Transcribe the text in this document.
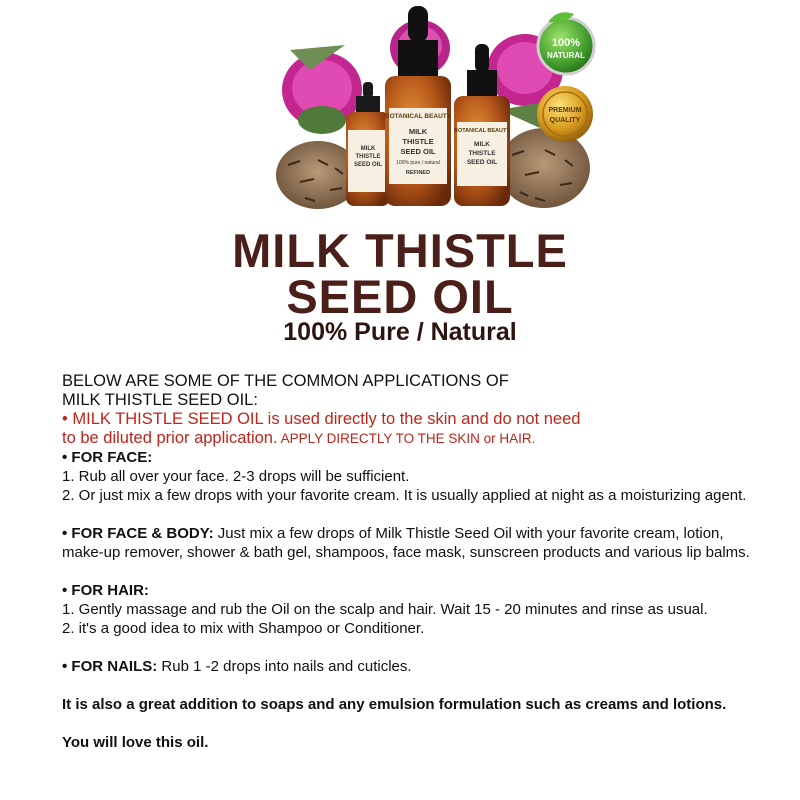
MILK
THISTLE
SEED OIL
BOTANICAL BEAUTY
MILK
THISTLE
SEED OIL
100% pure / natural
REFINED
BOTANICAL BEAUTY
MILK
THISTLE
SEED OIL
100%
NATURAL
PREMIUM
QUALITY
MILK THISTLE
SEED OIL
100% Pure / Natural

BELOW ARE SOME OF THE COMMON APPLICATIONS OF

MILK THISTLE SEED OIL:

• MILK THISTLE SEED OIL is used directly to the skin and do not need

to be diluted prior application. APPLY DIRECTLY TO THE SKIN or HAIR.

• FOR FACE:

1. Rub all over your face. 2-3 drops will be sufficient.

2. Or just mix a few drops with your favorite cream. It is usually applied at night as a moisturizing agent.

• FOR FACE & BODY: Just mix a few drops of Milk Thistle Seed Oil with your favorite cream, lotion, make-up remover, shower & bath gel, shampoos, face mask, sunscreen products and various lip balms.

• FOR HAIR:

1. Gently massage and rub the Oil on the scalp and hair. Wait 15 - 20 minutes and rinse as usual.

2. it's a good idea to mix with Shampoo or Conditioner.

• FOR NAILS: Rub 1 -2 drops into nails and cuticles.

It is also a great addition to soaps and any emulsion formulation such as creams and lotions.

You will love this oil.
